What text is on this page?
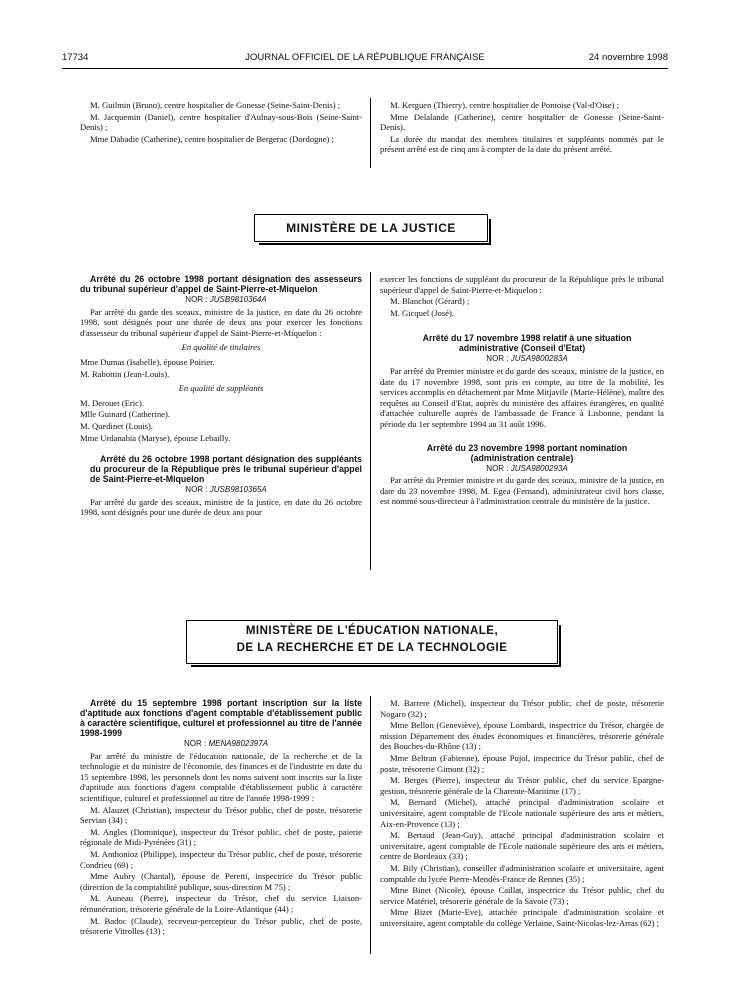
17734	JOURNAL OFFICIEL DE LA RÉPUBLIQUE FRANÇAISE	24 novembre 1998

M. Guilmin (Bruno), centre hospitalier de Gonesse (Seine-Saint-Denis) ;

M. Jacquemin (Daniel), centre hospitalier d'Aulnay-sous-Bois (Seine-Saint-Denis) ;

Mme Dabadie (Catherine), centre hospitalier de Bergerac (Dordogne) ;

M. Kerguen (Thierry), centre hospitalier de Pontoise (Val-d'Oise) ;

Mme Delalande (Catherine), centre hospitalier de Gonesse (Seine-Saint-Denis).

La durée du mandat des membres titulaires et suppléants nommés par le présent arrêté est de cinq ans à compter de la date du présent arrêté.

MINISTÈRE DE LA JUSTICE

Arrêté du 26 octobre 1998 portant désignation des assesseurs du tribunal supérieur d'appel de Saint-Pierre-et-Miquelon

NOR : JUSB9810364A

Par arrêté du garde des sceaux, ministre de la justice, en date du 26 octobre 1998, sont désignés pour une durée de deux ans pour exercer les fonctions d'assesseur du tribunal supérieur d'appel de Saint-Pierre-et-Miquelon :

En qualité de titulaires

Mme Dumas (Isabelle), épouse Poirier.

M. Rabottin (Jean-Louis).

En qualité de suppléants

M. Derouet (Eric).

Mlle Guinard (Catherine).

M. Quedinet (Louis).

Mme Urdanabia (Maryse), épouse Lebailly.

Arrêté du 26 octobre 1998 portant désignation des suppléants du procureur de la République près le tribunal supérieur d'appel de Saint-Pierre-et-Miquelon

NOR : JUSB9810365A

Par arrêté du garde des sceaux, ministre de la justice, en date du 26 octobre 1998, sont désignés pour une durée de deux ans pour

exercer les fonctions de suppléant du procureur de la République près le tribunal supérieur d'appel de Saint-Pierre-et-Miquelon :

M. Blanchot (Gérard) ;

M. Gicquel (José).

Arrêté du 17 novembre 1998 relatif à une situation administrative (Conseil d'Etat)

NOR : JUSA9800283A

Par arrêté du Premier ministre et du garde des sceaux, ministre de la justice, en date du 17 novembre 1998, sont pris en compte, au titre de la mobilité, les services accomplis en détachement par Mme Mitjavile (Marie-Hélène), maître des requêtes au Conseil d'Etat, auprès du ministère des affaires étrangères, en qualité d'attachée culturelle auprès de l'ambassade de France à Lisbonne, pendant la période du 1er septembre 1994 au 31 août 1996.

Arrêté du 23 novembre 1998 portant nomination (administration centrale)

NOR : JUSA9800293A

Par arrêté du Premier ministre et du garde des sceaux, ministre de la justice, en date du 23 novembre 1998, M. Egea (Fernand), administrateur civil hors classe, est nommé sous-directeur à l'administration centrale du ministère de la justice.

MINISTÈRE DE L'ÉDUCATION NATIONALE,
DE LA RECHERCHE ET DE LA TECHNOLOGIE

Arrêté du 15 septembre 1998 portant inscription sur la liste d'aptitude aux fonctions d'agent comptable d'établissement public à caractère scientifique, culturel et professionnel au titre de l'année 1998-1999

NOR : MENA9802397A

Par arrêté du ministre de l'éducation nationale, de la recherche et de la technologie et du ministre de l'économie, des finances et de l'industrie en date du 15 septembre 1998, les personnels dont les noms suivent sont inscrits sur la liste d'aptitude aux fonctions d'agent comptable d'établissement public à caractère scientifique, culturel et professionnel au titre de l'année 1998-1999 :

M. Alauzet (Christian), inspecteur du Trésor public, chef de poste, trésorerie Servian (34) ;

M. Angles (Dominique), inspecteur du Trésor public, chef de poste, paierie régionale de Midi-Pyrénées (31) ;

M. Anthonioz (Philippe), inspecteur du Trésor public, chef de poste, trésorerie Condrieu (69) ;

Mme Aubry (Chantal), épouse de Peretti, inspectrice du Trésor public (direction de la comptabilité publique, sous-direction M 75) ;

M. Auneau (Pierre), inspecteur du Trésor, chef du service Liaison-rémunération, trésorerie générale de la Loire-Atlantique (44) ;

M. Badoc (Claude), receveur-percepteur du Trésor public, chef de poste, trésorerie Vitrolles (13) ;

M. Barrere (Michel), inspecteur du Trésor public, chef de poste, trésorerie Nogaro (32) ;

Mme Bellon (Geneviève), épouse Lombardi, inspectrice du Trésor, chargée de mission Département des études économiques et financières, trésorerie générale des Bouches-du-Rhône (13) ;

Mme Beltran (Fabienne), épouse Pujol, inspectrice du Trésor public, chef de poste, trésorerie Gimont (32) ;

M. Berges (Pierre), inspecteur du Trésor public, chef du service Epargne-gestion, trésorerie générale de la Charente-Maritime (17) ;

M. Bernard (Michel), attaché principal d'administration scolaire et universitaire, agent comptable de l'Ecole nationale supérieure des arts et métiers, Aix-en-Provence (13) ;

M. Bertaud (Jean-Guy), attaché principal d'administration scolaire et universitaire, agent comptable de l'Ecole nationale supérieure des arts et métiers, centre de Bordeaux (33) ;

M. Bily (Christian), conseiller d'administration scolaire et universitaire, agent comptable du lycée Pierre-Mendès-France de Rennes (35) ;

Mme Binet (Nicole), épouse Caillat, inspectrice du Trésor public, chef du service Matériel, trésorerie générale de la Savoie (73) ;

Mme Bizet (Marie-Eve), attachée principale d'administration scolaire et universitaire, agent comptable du collège Verlaine, Saint-Nicolas-lez-Arras (62) ;
